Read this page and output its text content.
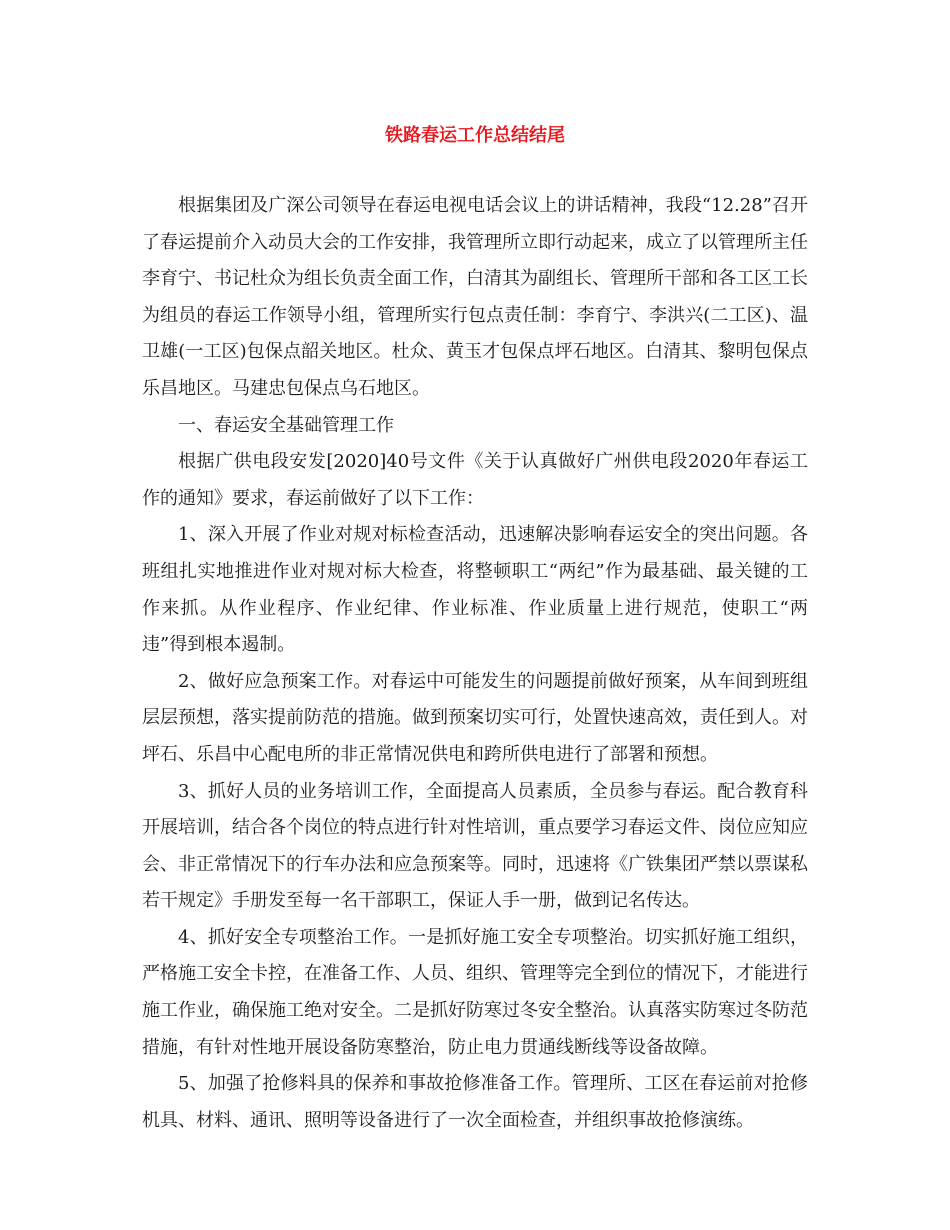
铁路春运工作总结结尾

根据集团及广深公司领导在春运电视电话会议上的讲话精神，我段“12.28”召开了春运提前介入动员大会的工作安排，我管理所立即行动起来，成立了以管理所主任李育宁、书记杜众为组长负责全面工作，白清其为副组长、管理所干部和各工区工长为组员的春运工作领导小组，管理所实行包点责任制：李育宁、李洪兴(二工区)、温卫雄(一工区)包保点韶关地区。杜众、黄玉才包保点坪石地区。白清其、黎明包保点乐昌地区。马建忠包保点乌石地区。

一、春运安全基础管理工作

根据广供电段安发[2020]40号文件《关于认真做好广州供电段2020年春运工作的通知》要求，春运前做好了以下工作：

1、深入开展了作业对规对标检查活动，迅速解决影响春运安全的突出问题。各班组扎实地推进作业对规对标大检查，将整顿职工“两纪”作为最基础、最关键的工作来抓。从作业程序、作业纪律、作业标准、作业质量上进行规范，使职工“两违”得到根本遏制。

2、做好应急预案工作。对春运中可能发生的问题提前做好预案，从车间到班组层层预想，落实提前防范的措施。做到预案切实可行，处置快速高效，责任到人。对坪石、乐昌中心配电所的非正常情况供电和跨所供电进行了部署和预想。

3、抓好人员的业务培训工作，全面提高人员素质，全员参与春运。配合教育科开展培训，结合各个岗位的特点进行针对性培训，重点要学习春运文件、岗位应知应会、非正常情况下的行车办法和应急预案等。同时，迅速将《广铁集团严禁以票谋私若干规定》手册发至每一名干部职工，保证人手一册，做到记名传达。

4、抓好安全专项整治工作。一是抓好施工安全专项整治。切实抓好施工组织，严格施工安全卡控，在准备工作、人员、组织、管理等完全到位的情况下，才能进行施工作业，确保施工绝对安全。二是抓好防寒过冬安全整治。认真落实防寒过冬防范措施，有针对性地开展设备防寒整治，防止电力贯通线断线等设备故障。

5、加强了抢修料具的保养和事故抢修准备工作。管理所、工区在春运前对抢修机具、材料、通讯、照明等设备进行了一次全面检查，并组织事故抢修演练。
